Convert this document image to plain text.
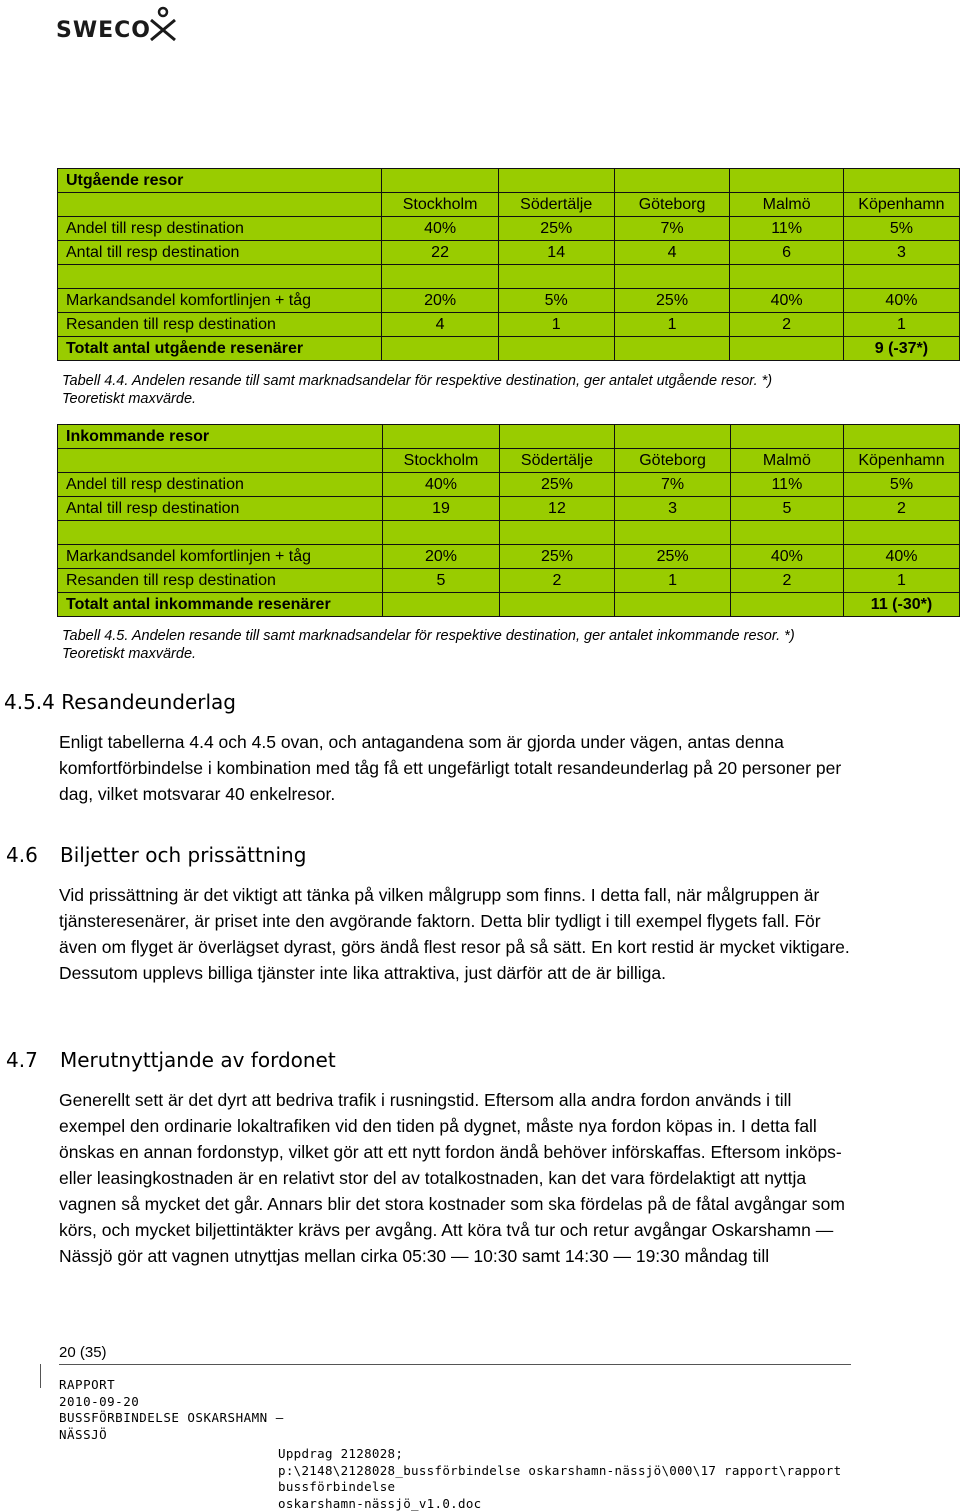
SWECO
Utgående resor					
	Stockholm	Södertälje	Göteborg	Malmö	Köpenhamn
Andel till resp destination	40%	25%	7%	11%	5%
Antal till resp destination	22	14	4	6	3

Markandsandel komfortlinjen + tåg	20%	5%	25%	40%	40%
Resanden till resp destination	4	1	1	2	1
Totalt antal utgående resenärer					9 (-37*)
Tabell 4.4. Andelen resande till samt marknadsandelar för respektive destination, ger antalet utgående resor. *) Teoretiskt maxvärde.
Inkommande resor					
	Stockholm	Södertälje	Göteborg	Malmö	Köpenhamn
Andel till resp destination	40%	25%	7%	11%	5%
Antal till resp destination	19	12	3	5	2

Markandsandel komfortlinjen + tåg	20%	25%	25%	40%	40%
Resanden till resp destination	5	2	1	2	1
Totalt antal inkommande resenärer					11 (-30*)
Tabell 4.5. Andelen resande till samt marknadsandelar för respektive destination, ger antalet inkommande resor. *) Teoretiskt maxvärde.
4.5.4 Resandeunderlag
Enligt tabellerna 4.4 och 4.5 ovan, och antagandena som är gjorda under vägen, antas denna komfortförbindelse i kombination med tåg få ett ungefärligt totalt resandeunderlag på 20 personer per dag, vilket motsvarar 40 enkelresor.
4.6 Biljetter och prissättning
Vid prissättning är det viktigt att tänka på vilken målgrupp som finns. I detta fall, när målgruppen är tjänsteresenärer, är priset inte den avgörande faktorn. Detta blir tydligt i till exempel flygets fall. För även om flyget är överlägset dyrast, görs ändå flest resor på så sätt. En kort restid är mycket viktigare. Dessutom upplevs billiga tjänster inte lika attraktiva, just därför att de är billiga.
4.7 Merutnyttjande av fordonet
Generellt sett är det dyrt att bedriva trafik i rusningstid. Eftersom alla andra fordon används i till exempel den ordinarie lokaltrafiken vid den tiden på dygnet, måste nya fordon köpas in. I detta fall önskas en annan fordonstyp, vilket gör att ett nytt fordon ändå behöver införskaffas. Eftersom inköps- eller leasingkostnaden är en relativt stor del av totalkostnaden, kan det vara fördelaktigt att nyttja vagnen så mycket det går. Annars blir det stora kostnader som ska fördelas på de fåtal avgångar som körs, och mycket biljettintäkter krävs per avgång. Att köra två tur och retur avgångar Oskarshamn — Nässjö gör att vagnen utnyttjas mellan cirka 05:30 — 10:30 samt 14:30 — 19:30 måndag till
20 (35)
RAPPORT
2010-09-20
BUSSFÖRBINDELSE OSKARSHAMN —
NÄSSJÖ
Uppdrag 2128028;
p:\2148\2128028_bussförbindelse oskarshamn-nässjö\000\17 rapport\rapport bussförbindelse
oskarshamn-nässjö_v1.0.doc
